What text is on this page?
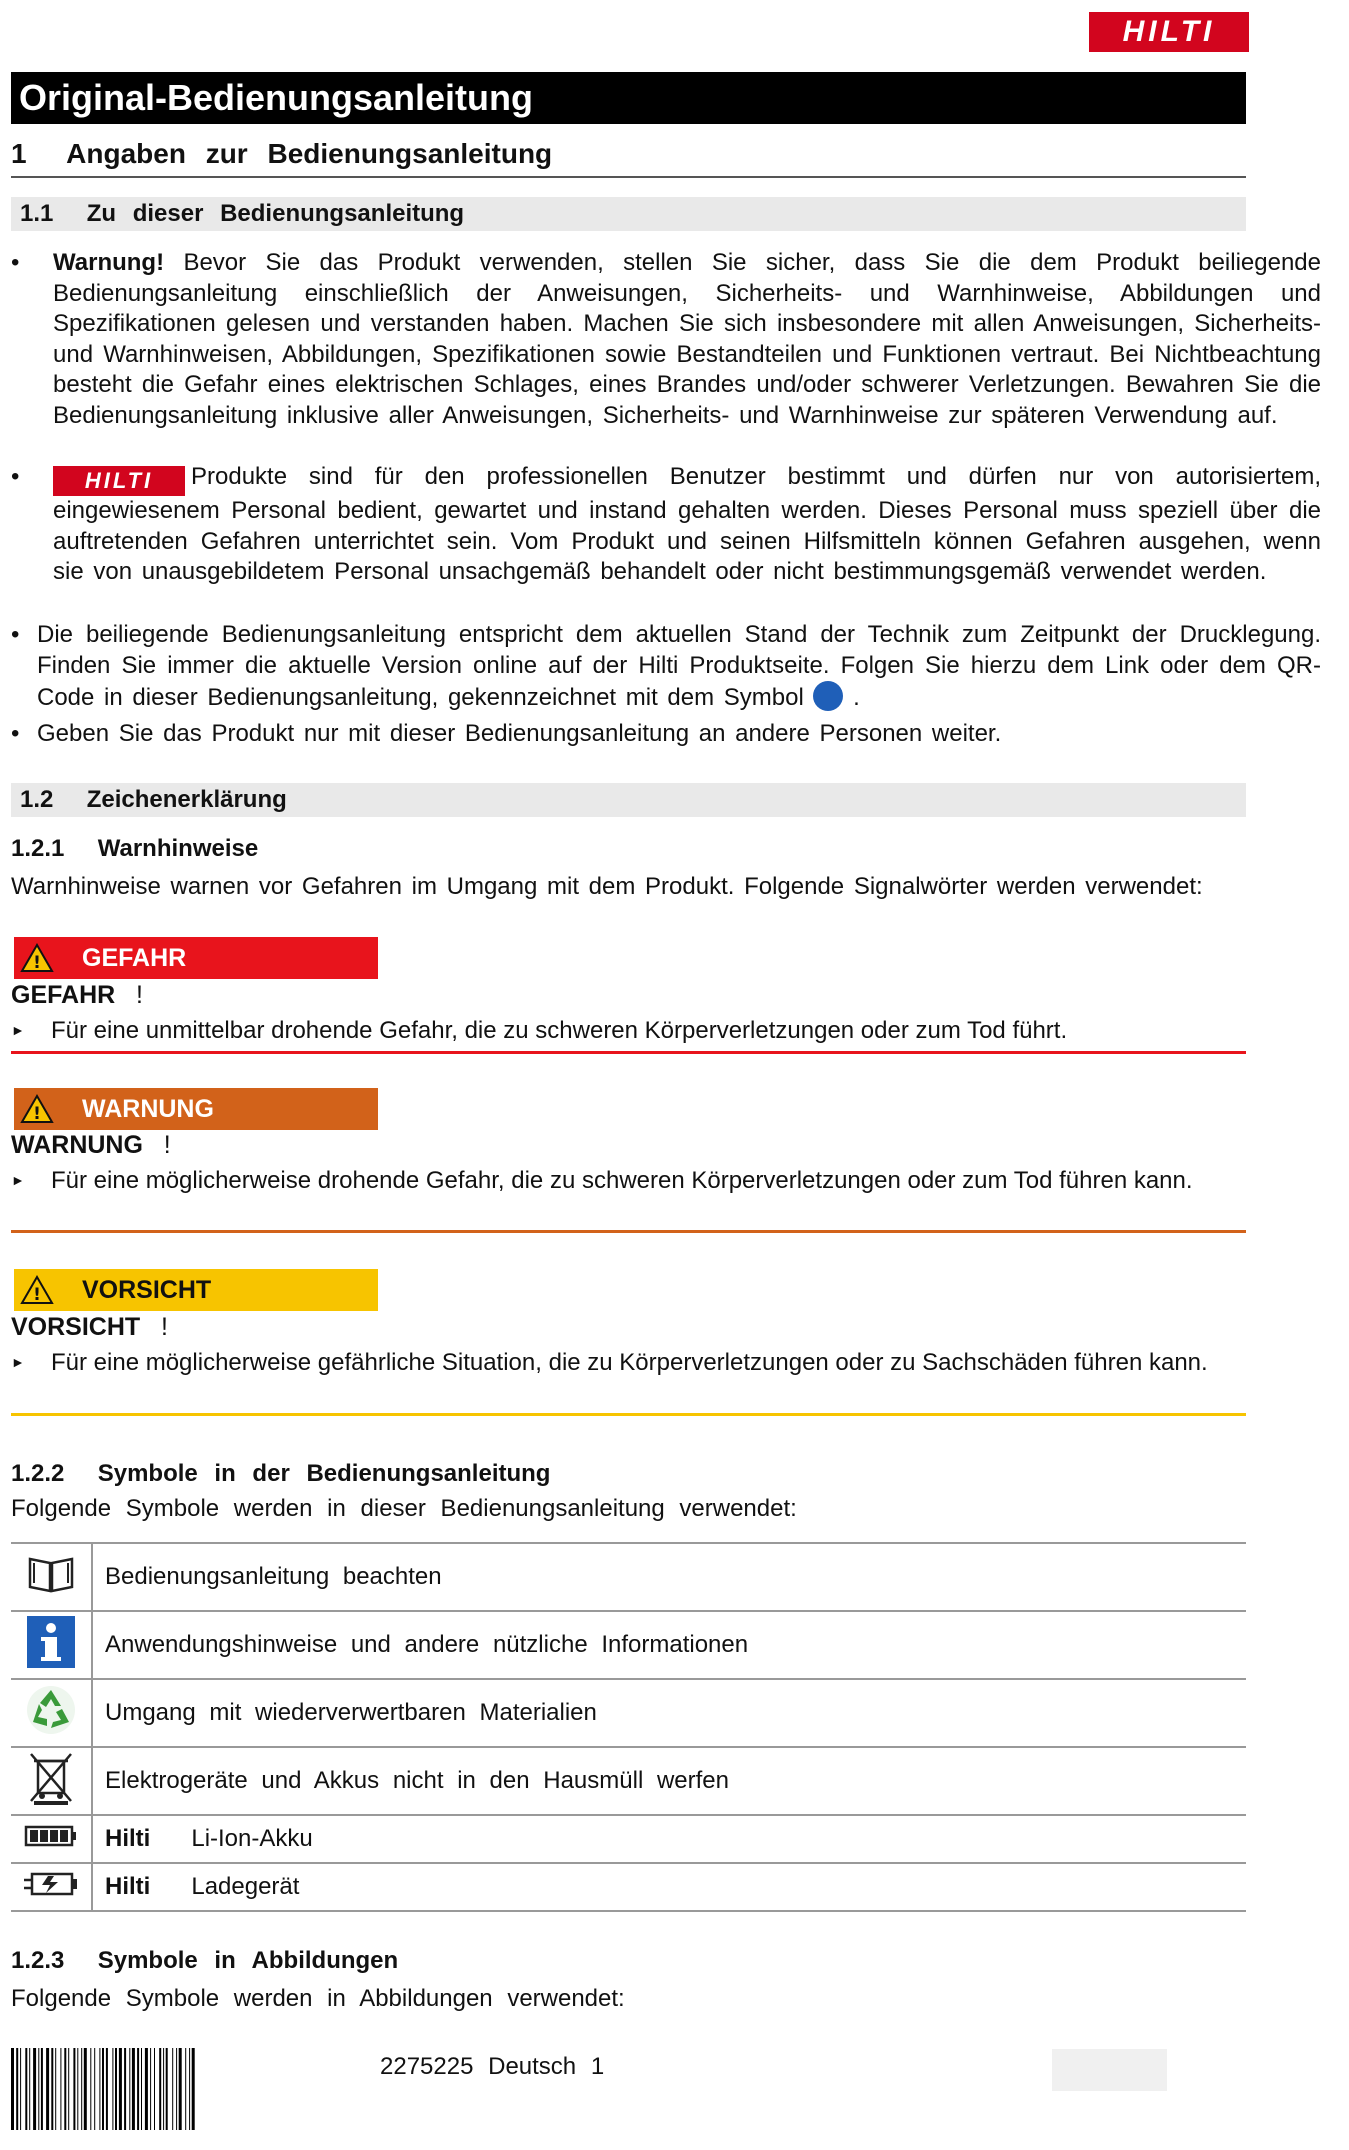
HILTI
Original-Bedienungsanleitung
1 Angaben zur Bedienungsanleitung
1.1 Zu dieser Bedienungsanleitung
•	Warnung! Bevor Sie das Produkt verwenden, stellen Sie sicher, dass Sie die dem Produkt beiliegende Bedienungsanleitung einschließlich der Anweisungen, Sicherheits- und Warnhinweise, Abbildungen und Spezifikationen gelesen und verstanden haben. Machen Sie sich insbesondere mit allen Anweisungen, Sicherheits- und Warnhinweisen, Abbildungen, Spezifikationen sowie Bestandteilen und Funktionen vertraut. Bei Nichtbeachtung besteht die Gefahr eines elektrischen Schlages, eines Brandes und/oder schwerer Verletzungen. Bewahren Sie die Bedienungsanleitung inklusive aller Anweisungen, Sicherheits- und Warnhinweise zur späteren Verwendung auf.
•	HILTI Produkte sind für den professionellen Benutzer bestimmt und dürfen nur von autorisiertem, eingewiesenem Personal bedient, gewartet und instand gehalten werden. Dieses Personal muss speziell über die auftretenden Gefahren unterrichtet sein. Vom Produkt und seinen Hilfsmitteln können Gefahren ausgehen, wenn sie von unausgebildetem Personal unsachgemäß behandelt oder nicht bestimmungsgemäß verwendet werden.
• Die beiliegende Bedienungsanleitung entspricht dem aktuellen Stand der Technik zum Zeitpunkt der Drucklegung. Finden Sie immer die aktuelle Version online auf der Hilti Produktseite. Folgen Sie hierzu dem Link oder dem QR-Code in dieser Bedienungsanleitung, gekennzeichnet mit dem Symbol .
• Geben Sie das Produkt nur mit dieser Bedienungsanleitung an andere Personen weiter.
1.2 Zeichenerklärung
1.2.1 Warnhinweise
Warnhinweise warnen vor Gefahren im Umgang mit dem Produkt. Folgende Signalwörter werden verwendet:
! GEFAHR
GEFAHR !
► Für eine unmittelbar drohende Gefahr, die zu schweren Körperverletzungen oder zum Tod führt.
! WARNUNG
WARNUNG !
►	Für eine möglicherweise drohende Gefahr, die zu schweren Körperverletzungen oder zum Tod führen kann.
! VORSICHT
VORSICHT !
►	Für eine möglicherweise gefährliche Situation, die zu Körperverletzungen oder zu Sachschäden führen kann.
1.2.2 Symbole in der Bedienungsanleitung
Folgende Symbole werden in dieser Bedienungsanleitung verwendet:
	Bedienungsanleitung beachten
	Anwendungshinweise und andere nützliche Informationen
	Umgang mit wiederverwertbaren Materialien
	Elektrogeräte und Akkus nicht in den Hausmüll werfen
	Hilti Li-Ion-Akku
	Hilti Ladegerät
1.2.3 Symbole in Abbildungen
Folgende Symbole werden in Abbildungen verwendet:
2275225 Deutsch 1
